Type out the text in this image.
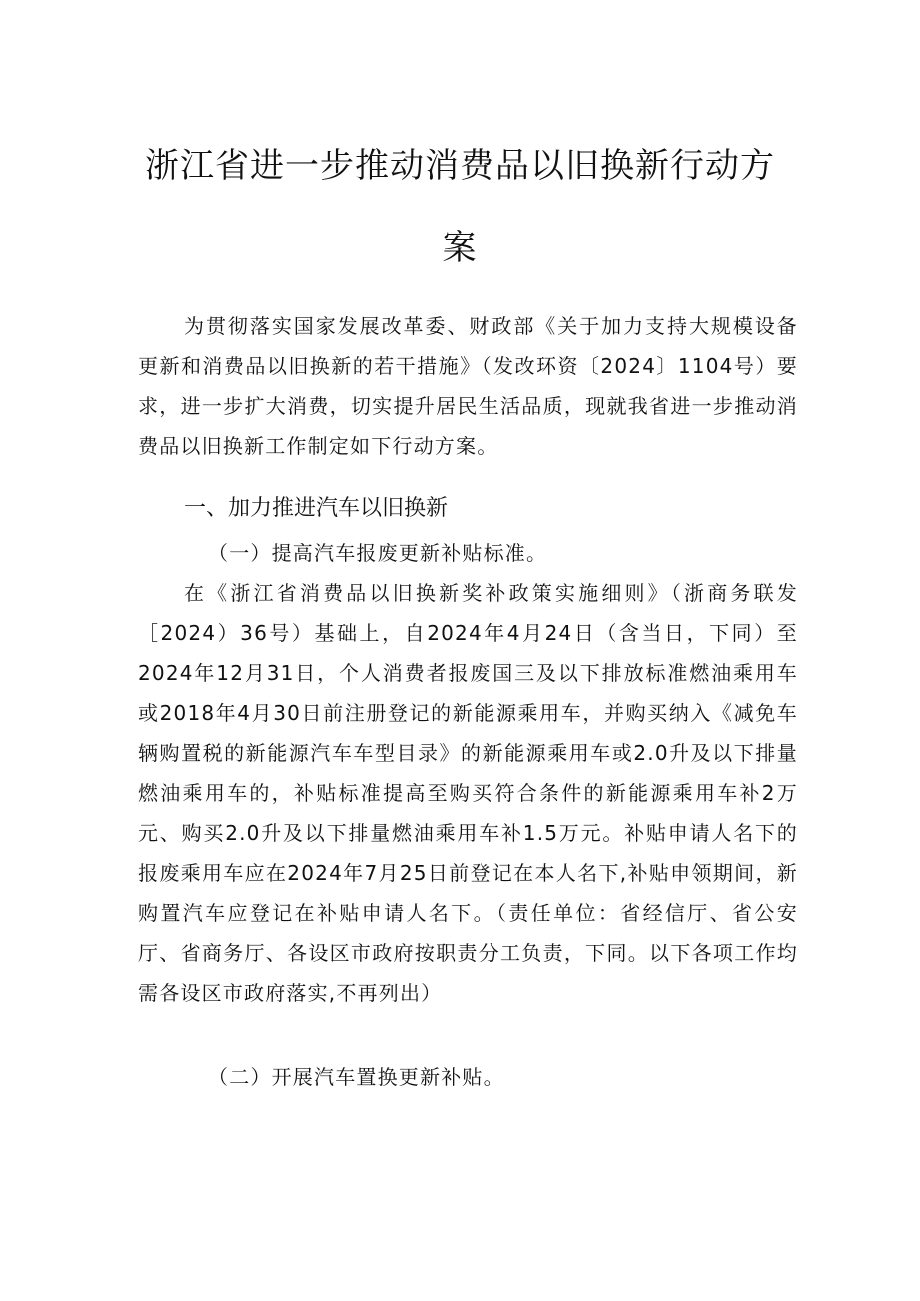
浙江省进一步推动消费品以旧换新行动方
案
为贯彻落实国家发展改革委、财政部《关于加力支持大规模设备更新和消费品以旧换新的若干措施》（发改环资〔2024〕1104号）要求，进一步扩大消费，切实提升居民生活品质，现就我省进一步推动消费品以旧换新工作制定如下行动方案。
一、加力推进汽车以旧换新
（一）提高汽车报废更新补贴标准。
在《浙江省消费品以旧换新奖补政策实施细则》（浙商务联发［2024）36号）基础上，自2024年4月24日（含当日，下同）至2024年12月31日，个人消费者报废国三及以下排放标准燃油乘用车或2018年4月30日前注册登记的新能源乘用车，并购买纳入《减免车辆购置税的新能源汽车车型目录》的新能源乘用车或2.0升及以下排量燃油乘用车的，补贴标准提高至购买符合条件的新能源乘用车补2万元、购买2.0升及以下排量燃油乘用车补1.5万元。补贴申请人名下的报废乘用车应在2024年7月25日前登记在本人名下,补贴申领期间，新购置汽车应登记在补贴申请人名下。（责任单位：省经信厅、省公安厅、省商务厅、各设区市政府按职责分工负责，下同。以下各项工作均需各设区市政府落实,不再列出）
（二）开展汽车置换更新补贴。
